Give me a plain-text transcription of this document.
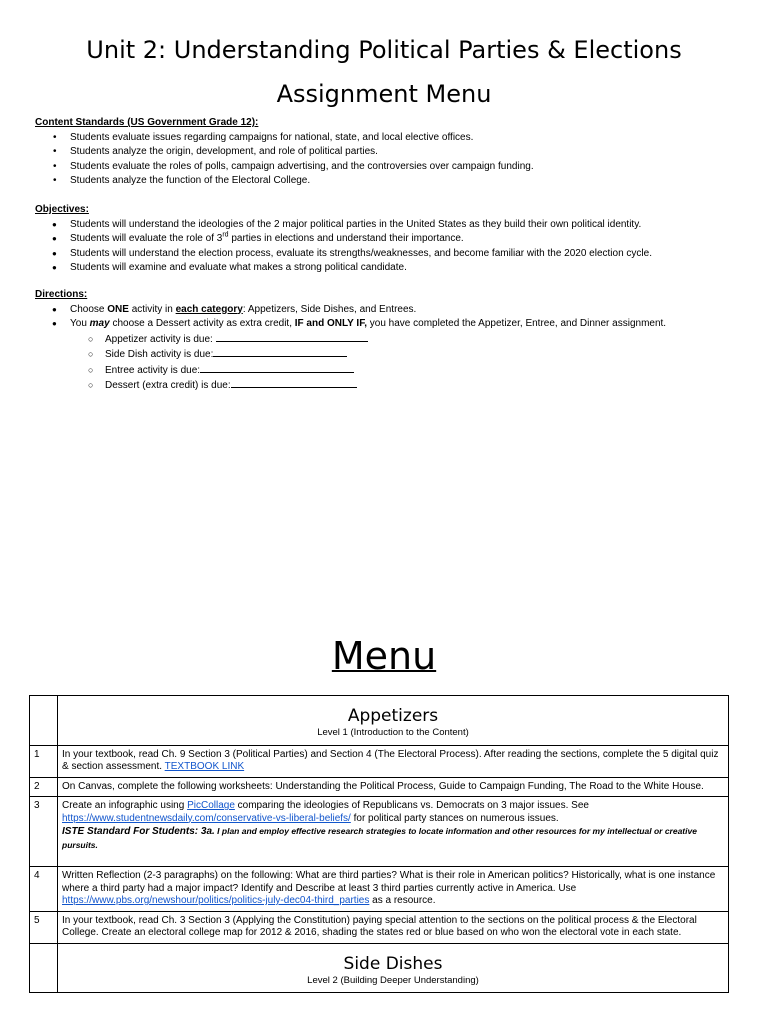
Unit 2: Understanding Political Parties & Elections
Assignment Menu
Content Standards (US Government Grade 12):
• Students evaluate issues regarding campaigns for national, state, and local elective offices.
• Students analyze the origin, development, and role of political parties.
• Students evaluate the roles of polls, campaign advertising, and the controversies over campaign funding.
• Students analyze the function of the Electoral College.
Objectives:
● Students will understand the ideologies of the 2 major political parties in the United States as they build their own political identity.
● Students will evaluate the role of 3rd parties in elections and understand their importance.
● Students will understand the election process, evaluate its strengths/weaknesses, and become familiar with the 2020 election cycle.
● Students will examine and evaluate what makes a strong political candidate.
Directions:
● Choose ONE activity in each category: Appetizers, Side Dishes, and Entrees.
● You may choose a Dessert activity as extra credit, IF and ONLY IF, you have completed the Appetizer, Entree, and Dinner assignment.
○ Appetizer activity is due:
○ Side Dish activity is due:
○ Entree activity is due:
○ Dessert (extra credit) is due:
Menu

	Appetizers
Level 1 (Introduction to the Content)

1	In your textbook, read Ch. 9 Section 3 (Political Parties) and Section 4 (The Electoral Process). After reading the sections, complete the 5 digital quiz & section assessment. TEXTBOOK LINK
2	On Canvas, complete the following worksheets: Understanding the Political Process, Guide to Campaign Funding, The Road to the White House.
3	Create an infographic using PicCollage comparing the ideologies of Republicans vs. Democrats on 3 major issues. See
https://www.studentnewsdaily.com/conservative-vs-liberal-beliefs/ for political party stances on numerous issues.
ISTE Standard For Students: 3a. I plan and employ effective research strategies to locate information and other resources for my intellectual or creative pursuits.
4	Written Reflection (2-3 paragraphs) on the following: What are third parties? What is their role in American politics? Historically, what is one instance where a third party had a major impact? Identify and Describe at least 3 third parties currently active in America. Use https://www.pbs.org/newshour/politics/politics-july-dec04-third_parties as a resource.
5	In your textbook, read Ch. 3 Section 3 (Applying the Constitution) paying special attention to the sections on the political process & the Electoral College. Create an electoral college map for 2012 & 2016, shading the states red or blue based on who won the electoral vote in each state.

	Side Dishes
Level 2 (Building Deeper Understanding)
